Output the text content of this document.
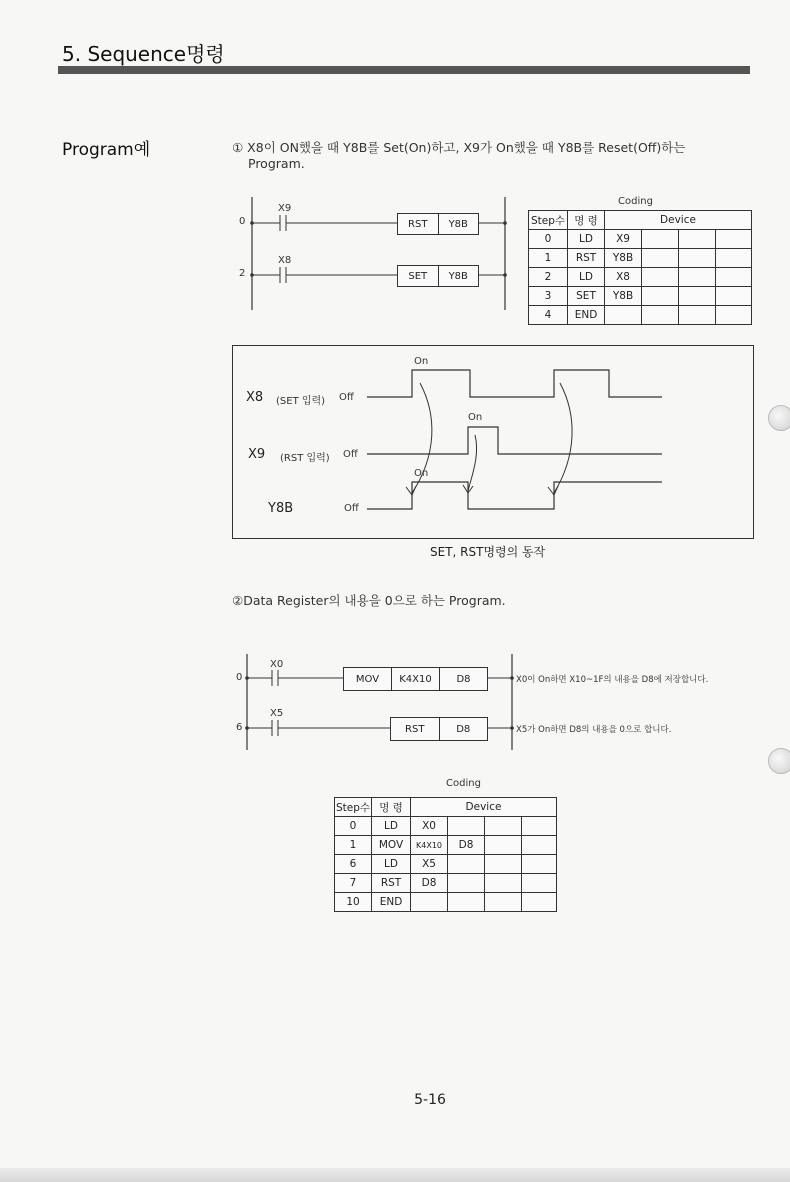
5. Sequence명령
Program예	① X8이 ON했을 때 Y8B를 Set(On)하고, X9가 On했을 때 Y8B를 Reset(Off)하는
Program.
0
X9
RST	Y8B
2
X8
SET	Y8B
Coding
Step수	명 령	Device			
0	LD	X9			
1	RST	Y8B			
2	LD	X8			
3	SET	Y8B			
4	END				
On
On
On
X8 (SET 입력) Off
X9 (RST 입력) Off
Y8B	Off
SET, RST명령의 동작
②Data Register의 내용을 0으로 하는 Program.
0
X0
MOV	K4X10	D8	X0이 On하면 X10~1F의 내용을 D8에 저장합니다.
6
X5
RST	D8	X5가 On하면 D8의 내용을 0으로 합니다.
Coding
Step수	명 령	Device			
0	LD	X0			
1	MOV	K4X10	D8		
6	LD	X5			
7	RST	D8			
10	END				
5-16
